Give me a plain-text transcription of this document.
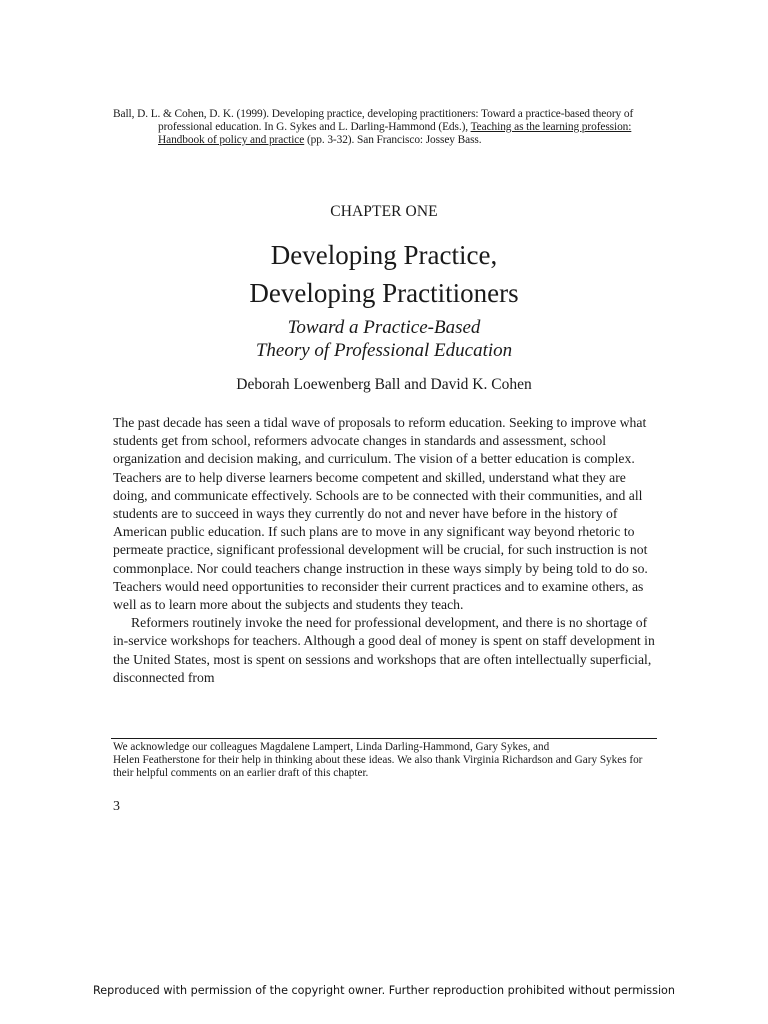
Ball, D. L. & Cohen, D. K. (1999). Developing practice, developing practitioners: Toward a practice-based theory of
professional education. In G. Sykes and L. Darling-Hammond (Eds.), Teaching as the learning profession:
Handbook of policy and practice (pp. 3-32). San Francisco: Jossey Bass.
CHAPTER ONE
Developing Practice,
Developing Practitioners
Toward a Practice-Based
Theory of Professional Education
Deborah Loewenberg Ball and David K. Cohen
The past decade has seen a tidal wave of proposals to reform education. Seeking to improve what
students get from school, reformers advocate changes in standards and assessment, school
organization and decision making, and curriculum. The vision of a better education is complex.
Teachers are to help diverse learners become competent and skilled, understand what they are
doing, and communicate effectively. Schools are to be connected with their communities, and all
students are to succeed in ways they currently do not and never have before in the history of
American public education. If such plans are to move in any significant way beyond rhetoric to
permeate practice, significant professional development will be crucial, for such instruction is not
commonplace. Nor could teachers change instruction in these ways simply by being told to do so.
Teachers would need opportunities to reconsider their current practices and to examine others, as
well as to learn more about the subjects and students they teach.
Reformers routinely invoke the need for professional development, and there is no shortage of
in-service workshops for teachers. Although a good deal of money is spent on staff development in
the United States, most is spent on sessions and workshops that are often intellectually superficial,
disconnected from
We acknowledge our colleagues Magdalene Lampert, Linda Darling-Hammond, Gary Sykes, and
Helen Featherstone for their help in thinking about these ideas. We also thank Virginia Richardson and Gary Sykes for
their helpful comments on an earlier draft of this chapter.
3
Reproduced with permission of the copyright owner. Further reproduction prohibited without permission
